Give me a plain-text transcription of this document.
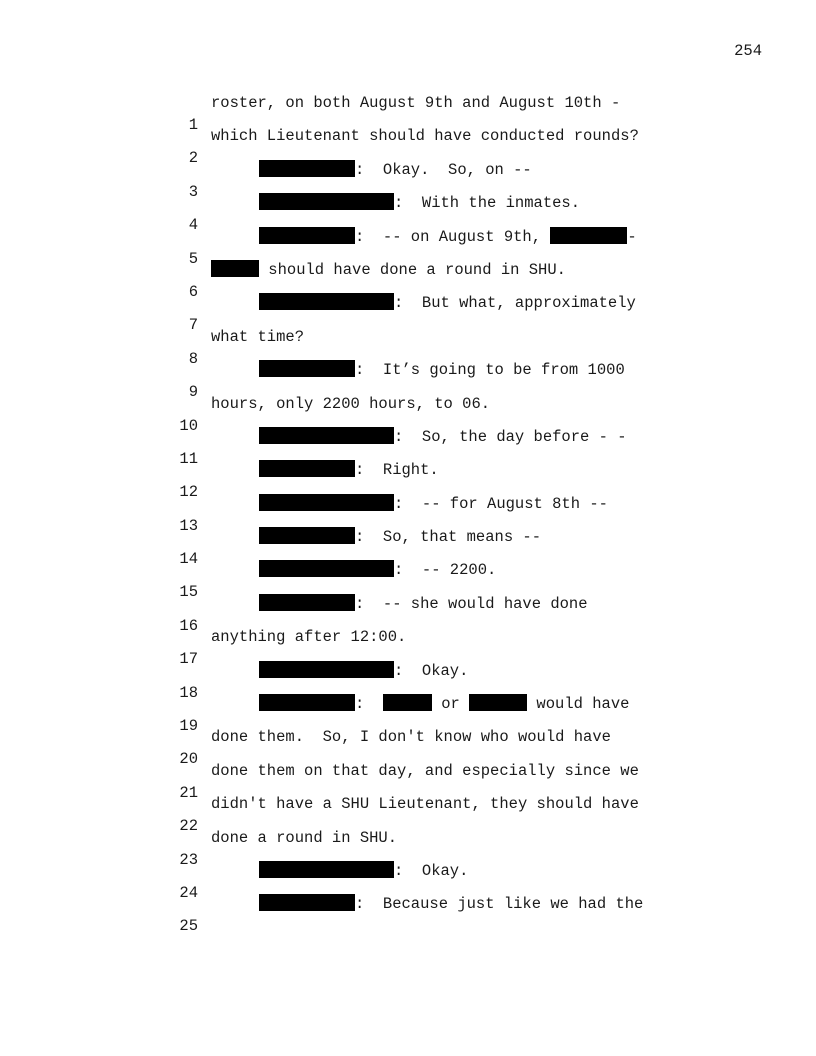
254

1

roster, on both August 9th and August 10th -

2

which Lieutenant should have conducted rounds?

3

:  Okay.  So, on --

4

:  With the inmates.

5

:  -- on August 9th,	-

6

should have done a round in SHU.

7

:  But what, approximately

8

what time?

9

:  It’s going to be from 1000

10

hours, only 2200 hours, to 06.

11

:  So, the day before - -

12

:  Right.

13

:  -- for August 8th --

14

:  So, that means --

15

:  -- 2200.

16

:  -- she would have done

17

anything after 12:00.

18

:  Okay.

19

:	or	would have

20

done them.  So, I don't know who would have

21

done them on that day, and especially since we

22

didn't have a SHU Lieutenant, they should have

23

done a round in SHU.

24

:  Okay.

25

:  Because just like we had the
